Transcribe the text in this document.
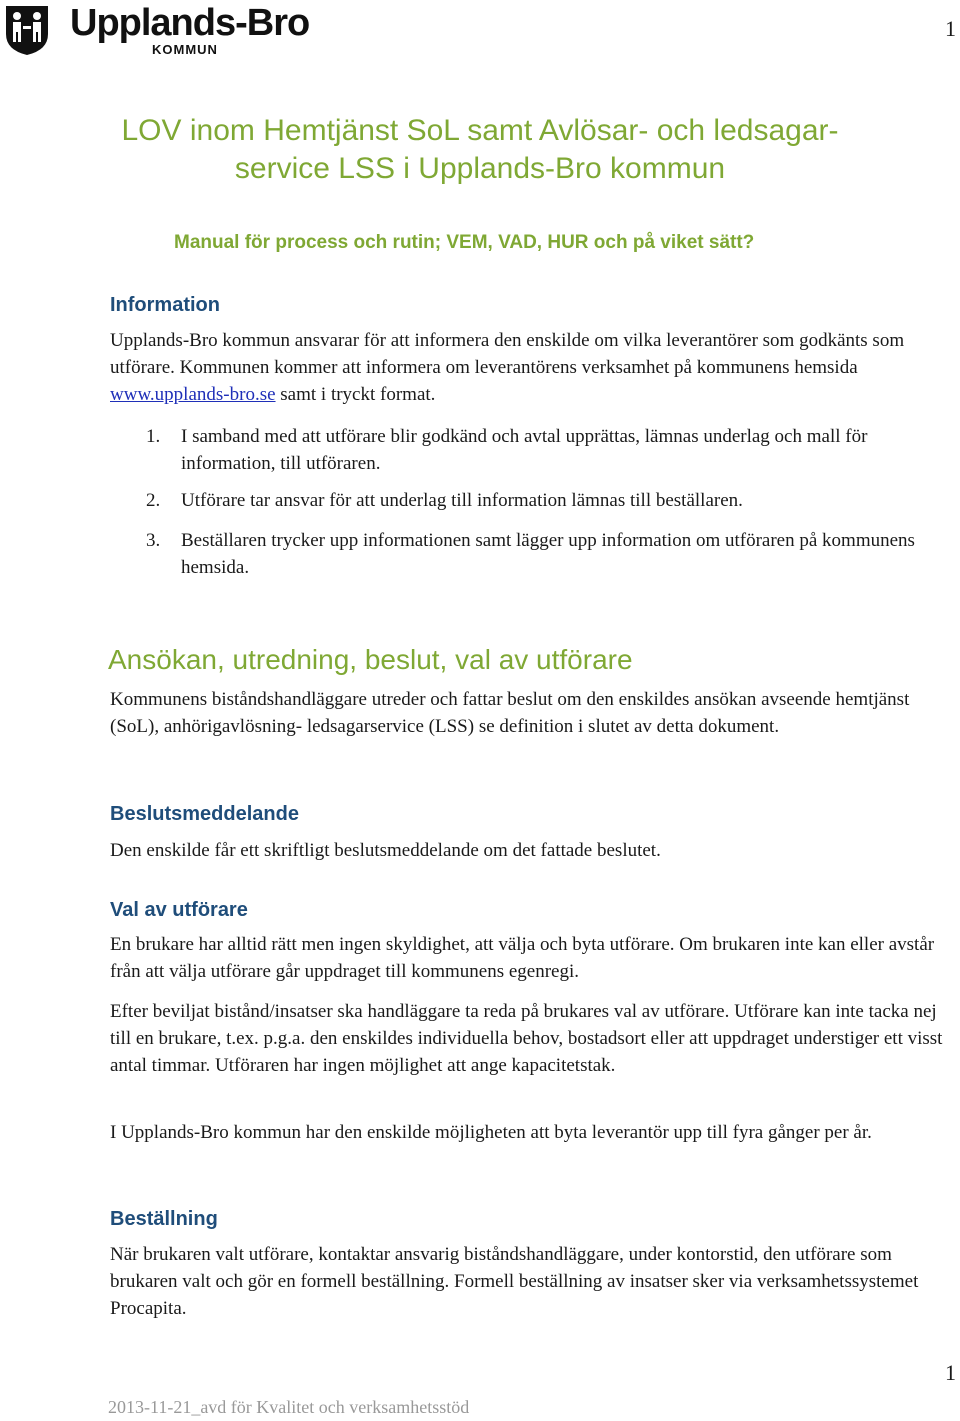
Upplands-Bro
KOMMUN
1
LOV inom Hemtjänst SoL samt Avlösar- och ledsagar-service LSS i Upplands-Bro kommun
Manual för process och rutin; VEM, VAD, HUR och på viket sätt?
Information
Upplands-Bro kommun ansvarar för att informera den enskilde om vilka leverantörer som godkänts som utförare. Kommunen kommer att informera om leverantörens verksamhet på kommunens hemsida www.upplands-bro.se samt i tryckt format.
1.	I samband med att utförare blir godkänd och avtal upprättas, lämnas underlag och mall för information, till utföraren.
2.	Utförare tar ansvar för att underlag till information lämnas till beställaren.
3.	Beställaren trycker upp informationen samt lägger upp information om utföraren på kommunens hemsida.
Ansökan, utredning, beslut, val av utförare
Kommunens biståndshandläggare utreder och fattar beslut om den enskildes ansökan avseende hemtjänst (SoL), anhörigavlösning- ledsagarservice (LSS) se definition i slutet av detta dokument.
Beslutsmeddelande
Den enskilde får ett skriftligt beslutsmeddelande om det fattade beslutet.
Val av utförare
En brukare har alltid rätt men ingen skyldighet, att välja och byta utförare. Om brukaren inte kan eller avstår från att välja utförare går uppdraget till kommunens egenregi.
Efter beviljat bistånd/insatser ska handläggare ta reda på brukares val av utförare. Utförare kan inte tacka nej till en brukare, t.ex. p.g.a. den enskildes individuella behov, bostadsort eller att uppdraget understiger ett visst antal timmar. Utföraren har ingen möjlighet att ange kapacitetstak.
I Upplands-Bro kommun har den enskilde möjligheten att byta leverantör upp till fyra gånger per år.
Beställning
När brukaren valt utförare, kontaktar ansvarig biståndshandläggare, under kontorstid, den utförare som brukaren valt och gör en formell beställning. Formell beställning av insatser sker via verksamhetssystemet Procapita.
1
2013-11-21_avd för Kvalitet och verksamhetsstöd
